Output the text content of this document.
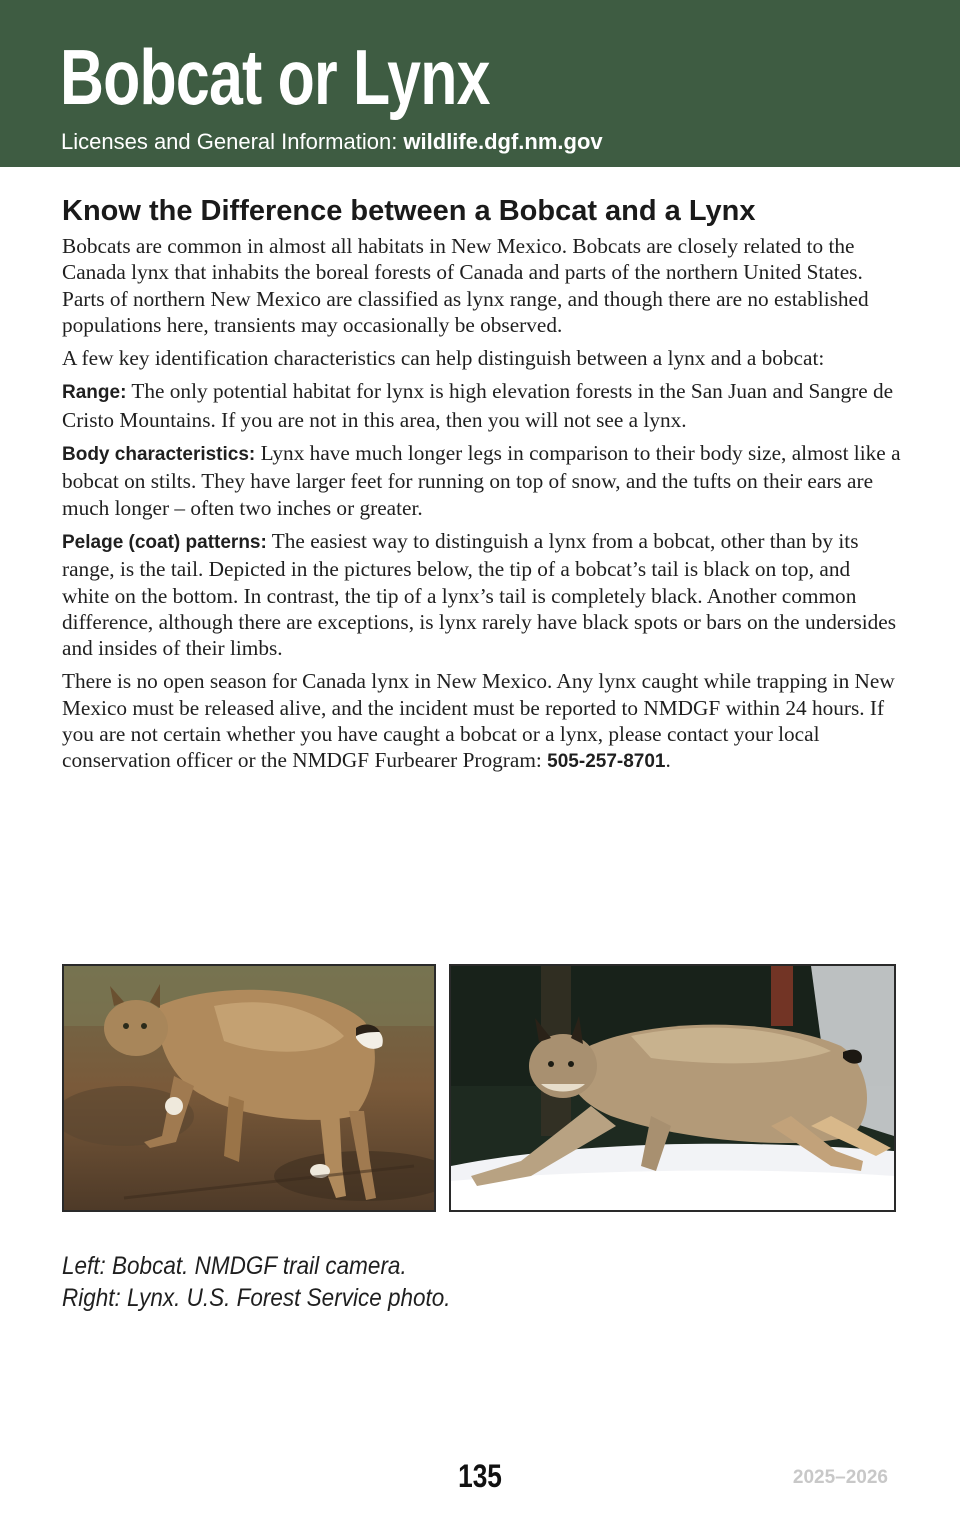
Bobcat or Lynx
Licenses and General Information: wildlife.dgf.nm.gov
Know the Difference between a Bobcat and a Lynx

Bobcats are common in almost all habitats in New Mexico. Bobcats are closely related to the Canada lynx that inhabits the boreal forests of Canada and parts of the northern United States. Parts of northern New Mexico are classified as lynx range, and though there are no established populations here, transients may occasionally be observed.

A few key identification characteristics can help distinguish between a lynx and a bobcat:

Range: The only potential habitat for lynx is high elevation forests in the San Juan and Sangre de Cristo Mountains. If you are not in this area, then you will not see a lynx.

Body characteristics: Lynx have much longer legs in comparison to their body size, almost like a bobcat on stilts. They have larger feet for running on top of snow, and the tufts on their ears are much longer – often two inches or greater.

Pelage (coat) patterns: The easiest way to distinguish a lynx from a bobcat, other than by its range, is the tail. Depicted in the pictures below, the tip of a bobcat’s tail is black on top, and white on the bottom. In contrast, the tip of a lynx’s tail is completely black. Another common difference, although there are exceptions, is lynx rarely have black spots or bars on the undersides and insides of their limbs.

There is no open season for Canada lynx in New Mexico. Any lynx caught while trapping in New Mexico must be released alive, and the incident must be reported to NMDGF within 24 hours. If you are not certain whether you have caught a bobcat or a lynx, please contact your local conservation officer or the NMDGF Furbearer Program: 505-257-8701.

Left: Bobcat. NMDGF trail camera.
Right: Lynx. U.S. Forest Service photo.
135	2025–2026
